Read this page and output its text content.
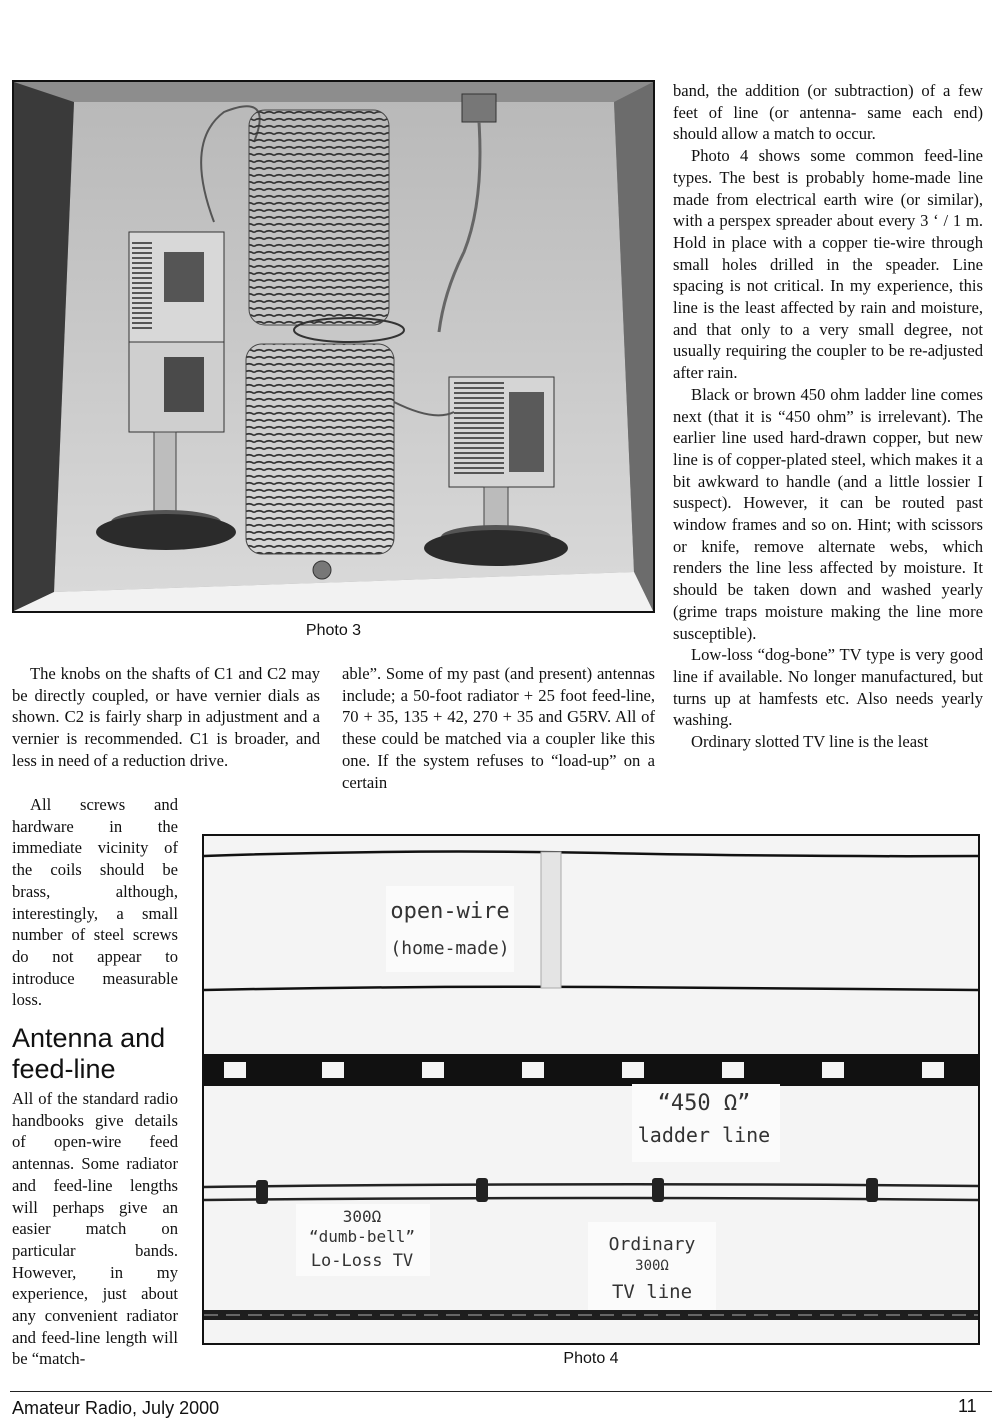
Photo 3

The knobs on the shafts of C1 and C2 may be directly coupled, or have vernier dials as shown. C2 is fairly sharp in adjustment and a vernier is recommended. C1 is broader, and less in need of a reduction drive.

All screws and hardware in the immediate vicinity of the coils should be brass, although, interestingly, a small number of steel screws do not appear to introduce measurable loss.

Antenna and feed-line

All of the standard radio handbooks give details of open-wire feed antennas. Some radiator and feed-line lengths will perhaps give an easier match on particular bands. However, in my experience, just about any convenient radiator and feed-line length will be “match-

able”. Some of my past (and present) antennas include; a 50-foot radiator + 25 foot feed-line, 70 + 35, 135 + 42, 270 + 35 and G5RV. All of these could be matched via a coupler like this one. If the system refuses to “load-up” on a certain

band, the addition (or subtraction) of a few feet of line (or antenna- same each end) should allow a match to occur.

Photo 4 shows some common feed-line types. The best is probably home-made line made from electrical earth wire (or similar), with a perspex spreader about every 3 ‘ / 1 m. Hold in place with a copper tie-wire through small holes drilled in the speader. Line spacing is not critical. In my experience, this line is the least affected by rain and moisture, and that only to a very small degree, not usually requiring the coupler to be re-adjusted after rain.

Black or brown 450 ohm ladder line comes next (that it is “450 ohm” is irrelevant). The earlier line used hard-drawn copper, but new line is of copper-plated steel, which makes it a bit awkward to handle (and a little lossier I suspect). However, it can be routed past window frames and so on. Hint; with scissors or knife, remove alternate webs, which renders the line less affected by moisture. It should be taken down and washed yearly (grime traps moisture making the line more susceptible).

Low-loss “dog-bone” TV type is very good line if available. No longer manufactured, but turns up at hamfests etc. Also needs yearly washing.

Ordinary slotted TV line is the least

open-wire
(home-made)
“450 Ω”
ladder line
300Ω
“dumb-bell”
Lo-Loss TV
Ordinary
300Ω
TV line
Photo 4
Amateur Radio, July 2000	11
